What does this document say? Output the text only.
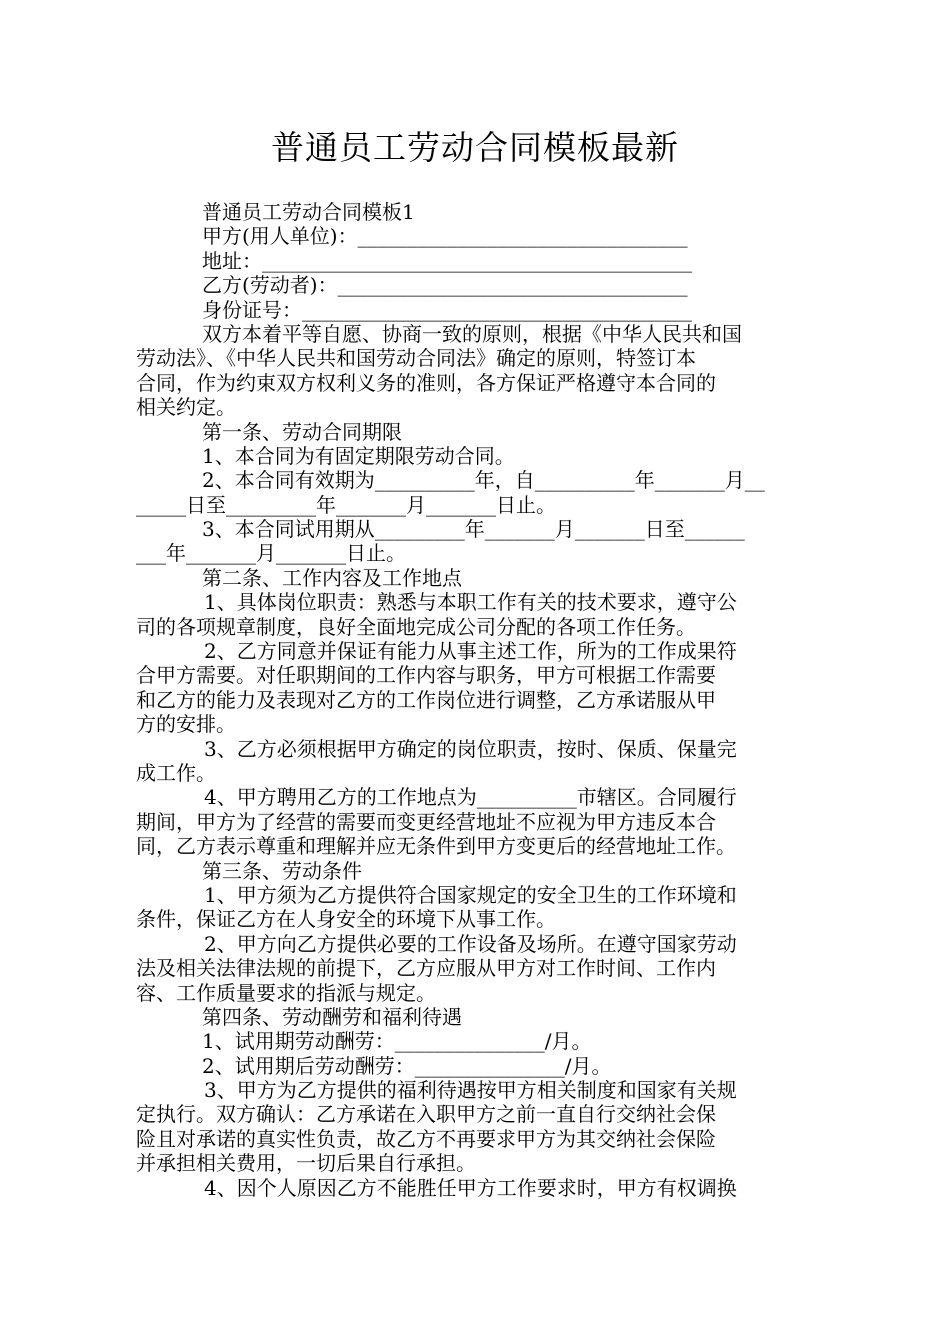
普通员工劳动合同模板最新
普通员工劳动合同模板1
甲方(用人单位)：_________________________________
地址：___________________________________________
乙方(劳动者)：___________________________________
身份证号：_______________________________________
双方本着平等自愿、协商一致的原则，根据《中华人民共和国
劳动法》、《中华人民共和国劳动合同法》确定的原则，特签订本
合同，作为约束双方权利义务的准则，各方保证严格遵守本合同的
相关约定。
第一条、劳动合同期限
1、本合同为有固定期限劳动合同。
2、本合同有效期为__________年，自__________年_______月__
_____日至_________年_______月_______日止。
3、本合同试用期从_________年_______月_______日至______
___年_______月_______日止。
第二条、工作内容及工作地点
1、具体岗位职责：熟悉与本职工作有关的技术要求，遵守公
司的各项规章制度，良好全面地完成公司分配的各项工作任务。
2、乙方同意并保证有能力从事主述工作，所为的工作成果符
合甲方需要。对任职期间的工作内容与职务，甲方可根据工作需要
和乙方的能力及表现对乙方的工作岗位进行调整，乙方承诺服从甲
方的安排。
3、乙方必须根据甲方确定的岗位职责，按时、保质、保量完
成工作。
4、甲方聘用乙方的工作地点为__________市辖区。合同履行
期间，甲方为了经营的需要而变更经营地址不应视为甲方违反本合
同，乙方表示尊重和理解并应无条件到甲方变更后的经营地址工作。
第三条、劳动条件
1、甲方须为乙方提供符合国家规定的安全卫生的工作环境和
条件，保证乙方在人身安全的环境下从事工作。
2、甲方向乙方提供必要的工作设备及场所。在遵守国家劳动
法及相关法律法规的前提下，乙方应服从甲方对工作时间、工作内
容、工作质量要求的指派与规定。
第四条、劳动酬劳和福利待遇
1、试用期劳动酬劳：_______________/月。
2、试用期后劳动酬劳：_______________/月。
3、甲方为乙方提供的福利待遇按甲方相关制度和国家有关规
定执行。双方确认：乙方承诺在入职甲方之前一直自行交纳社会保
险且对承诺的真实性负责，故乙方不再要求甲方为其交纳社会保险
并承担相关费用，一切后果自行承担。
4、因个人原因乙方不能胜任甲方工作要求时，甲方有权调换
